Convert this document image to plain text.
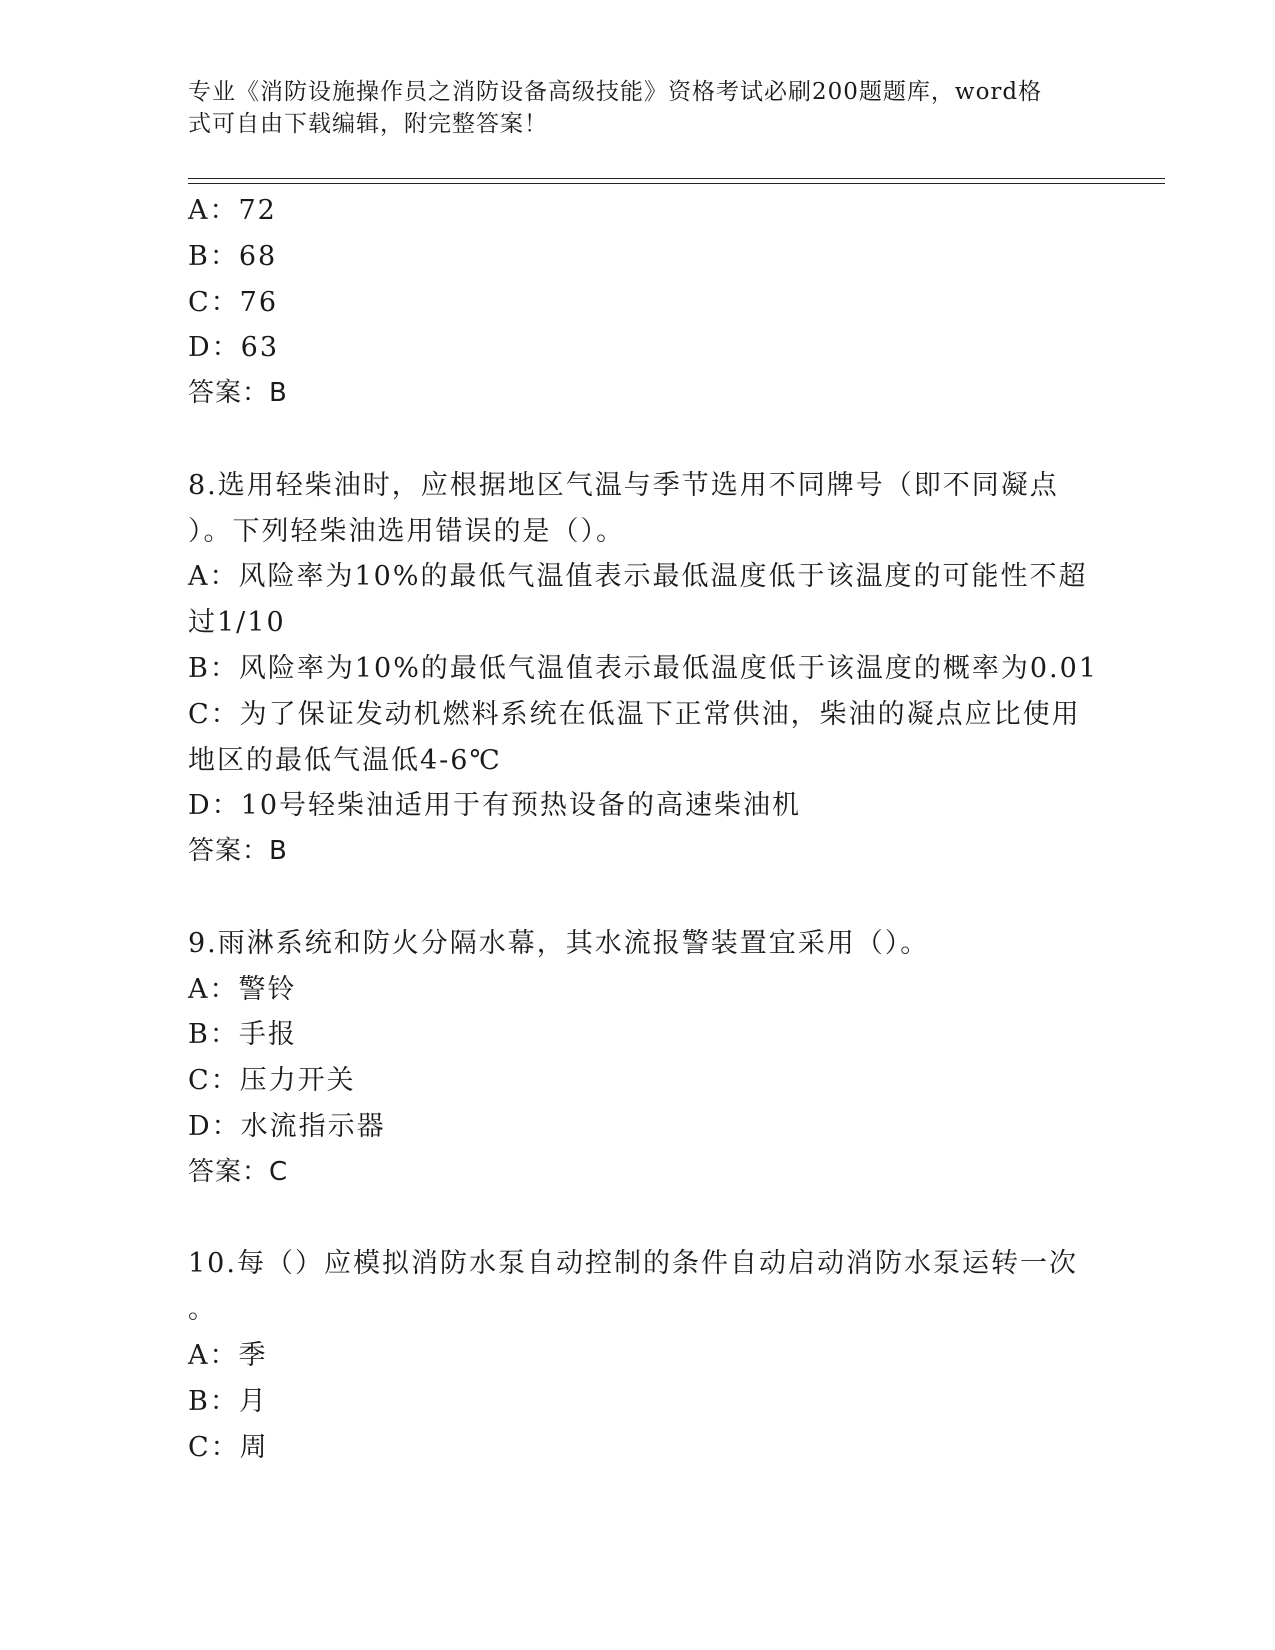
专业《消防设施操作员之消防设备高级技能》资格考试必刷200题题库，word格
式可自由下载编辑，附完整答案！
A：72
B：68
C：76
D：63
答案：B
8.选用轻柴油时，应根据地区气温与季节选用不同牌号（即不同凝点
）。下列轻柴油选用错误的是（）。
A：风险率为10%的最低气温值表示最低温度低于该温度的可能性不超
过1/10
B：风险率为10%的最低气温值表示最低温度低于该温度的概率为0.01
C：为了保证发动机燃料系统在低温下正常供油，柴油的凝点应比使用
地区的最低气温低4-6℃
D：10号轻柴油适用于有预热设备的高速柴油机
答案：B
9.雨淋系统和防火分隔水幕，其水流报警装置宜采用（）。
A：警铃
B：手报
C：压力开关
D：水流指示器
答案：C
10.每（）应模拟消防水泵自动控制的条件自动启动消防水泵运转一次
。
A：季
B：月
C：周
